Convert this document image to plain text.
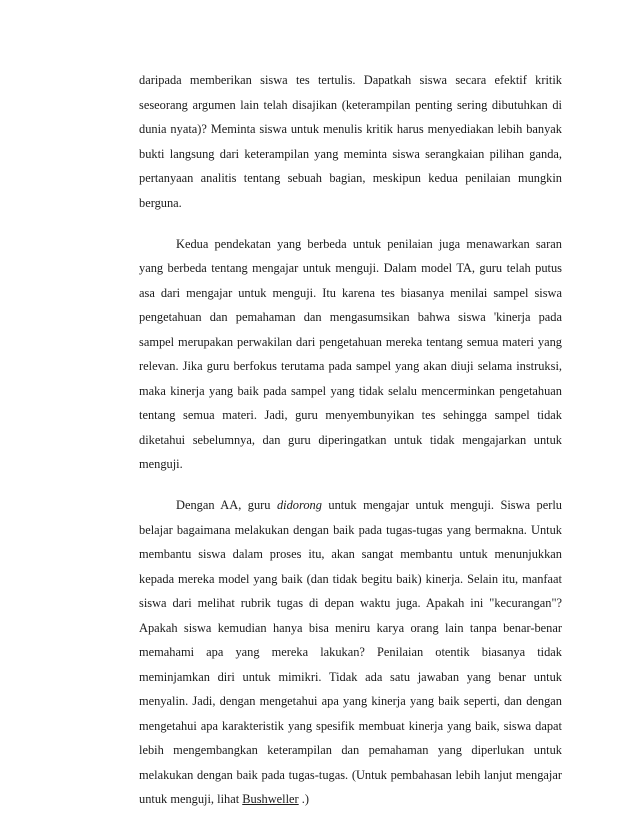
daripada memberikan siswa tes tertulis. Dapatkah siswa secara efektif kritik
seseorang argumen lain telah disajikan (keterampilan penting sering dibutuhkan di
dunia nyata)? Meminta siswa untuk menulis kritik harus menyediakan lebih banyak
bukti langsung dari keterampilan yang meminta siswa serangkaian pilihan ganda,
pertanyaan analitis tentang sebuah bagian, meskipun kedua penilaian mungkin
berguna.
Kedua pendekatan yang berbeda untuk penilaian juga menawarkan saran
yang berbeda tentang mengajar untuk menguji. Dalam model TA, guru telah putus
asa dari mengajar untuk menguji. Itu karena tes biasanya menilai sampel siswa
pengetahuan dan pemahaman dan mengasumsikan bahwa siswa 'kinerja pada
sampel merupakan perwakilan dari pengetahuan mereka tentang semua materi yang
relevan. Jika guru berfokus terutama pada sampel yang akan diuji selama instruksi,
maka kinerja yang baik pada sampel yang tidak selalu mencerminkan pengetahuan
tentang semua materi. Jadi, guru menyembunyikan tes sehingga sampel tidak
diketahui sebelumnya, dan guru diperingatkan untuk tidak mengajarkan untuk
menguji.
Dengan AA, guru didorong untuk mengajar untuk menguji. Siswa perlu
belajar bagaimana melakukan dengan baik pada tugas-tugas yang bermakna. Untuk
membantu siswa dalam proses itu, akan sangat membantu untuk menunjukkan
kepada mereka model yang baik (dan tidak begitu baik) kinerja. Selain itu, manfaat
siswa dari melihat rubrik tugas di depan waktu juga. Apakah ini "kecurangan"?
Apakah siswa kemudian hanya bisa meniru karya orang lain tanpa benar-benar
memahami apa yang mereka lakukan? Penilaian otentik biasanya tidak
meminjamkan diri untuk mimikri. Tidak ada satu jawaban yang benar untuk
menyalin. Jadi, dengan mengetahui apa yang kinerja yang baik seperti, dan dengan
mengetahui apa karakteristik yang spesifik membuat kinerja yang baik, siswa dapat
lebih mengembangkan keterampilan dan pemahaman yang diperlukan untuk
melakukan dengan baik pada tugas-tugas. (Untuk pembahasan lebih lanjut mengajar
untuk menguji, lihat Bushweller .)
